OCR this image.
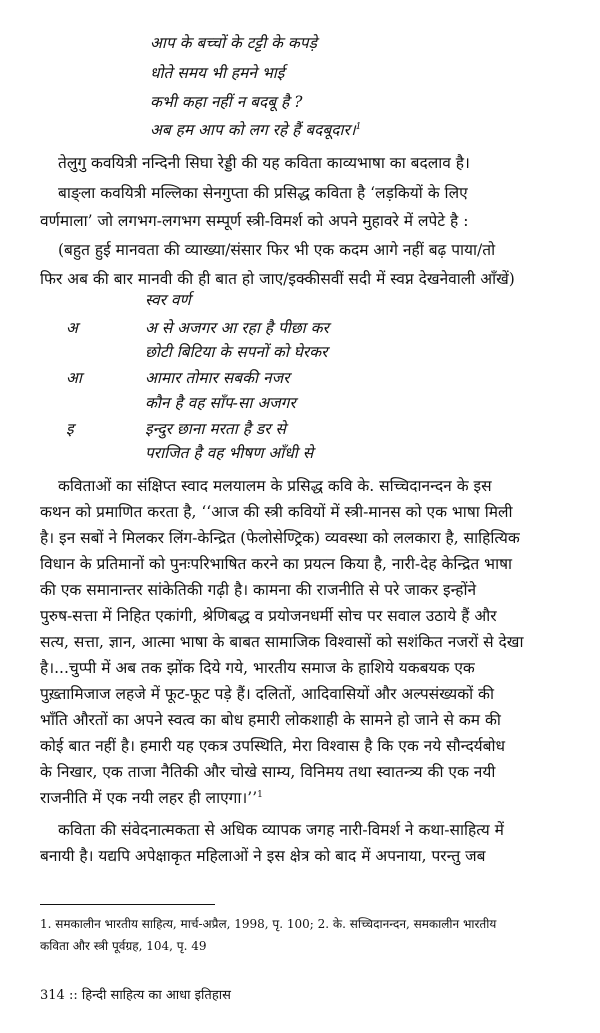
आप के बच्चों के टट्टी के कपड़े
धोते समय भी हमने भाई
कभी कहा नहीं न बदबू है ?
अब हम आप को लग रहे हैं बदबूदार।$^1$
तेलुगु कवयित्री नन्दिनी सिघा रेड्डी की यह कविता काव्यभाषा का बदलाव है।
बाङ्ला कवयित्री मल्लिका सेनगुप्ता की प्रसिद्ध कविता है ‘लड़कियों के लिए
वर्णमाला’ जो लगभग-लगभग सम्पूर्ण स्त्री-विमर्श को अपने मुहावरे में लपेटे है :
(बहुत हुई मानवता की व्याख्या/संसार फिर भी एक कदम आगे नहीं बढ़ पाया/तो
फिर अब की बार मानवी की ही बात हो जाए/इक्कीसवीं सदी में स्वप्न देखनेवाली आँखें)
स्वर वर्ण
अ	अ से अजगर आ रहा है पीछा कर
छोटी बिटिया के सपनों को घेरकर
आ	आमार तोमार सबकी नजर
कौन है वह साँप-सा अजगर
इ	इन्दुर छाना मरता है डर से
पराजित है वह भीषण आँधी से
कविताओं का संक्षिप्त स्वाद मलयालम के प्रसिद्ध कवि के. सच्चिदानन्दन के इस
कथन को प्रमाणित करता है, ‘‘आज की स्त्री कवियों में स्त्री-मानस को एक भाषा मिली
है। इन सबों ने मिलकर लिंग-केन्द्रित (फेलोसेण्ट्रिक) व्यवस्था को ललकारा है, साहित्यिक
विधान के प्रतिमानों को पुनःपरिभाषित करने का प्रयत्न किया है, नारी-देह केन्द्रित भाषा
की एक समानान्तर सांकेतिकी गढ़ी है। कामना की राजनीति से परे जाकर इन्होंने
पुरुष-सत्ता में निहित एकांगी, श्रेणिबद्ध व प्रयोजनधर्मी सोच पर सवाल उठाये हैं और
सत्य, सत्ता, ज्ञान, आत्मा भाषा के बाबत सामाजिक विश्वासों को सशंकित नजरों से देखा
है।...चुप्पी में अब तक झोंक दिये गये, भारतीय समाज के हाशिये यकबयक एक
पुख़्तामिजाज लहजे में फूट-फूट पड़े हैं। दलितों, आदिवासियों और अल्पसंख्यकों की
भाँति औरतों का अपने स्वत्व का बोध हमारी लोकशाही के सामने हो जाने से कम की
कोई बात नहीं है। हमारी यह एकत्र उपस्थिति, मेरा विश्वास है कि एक नये सौन्दर्यबोध
के निखार, एक ताजा नैतिकी और चोखे साम्य, विनिमय तथा स्वातन्त्र्य की एक नयी
राजनीति में एक नयी लहर ही लाएगा।’’$^1$
कविता की संवेदनात्मकता से अधिक व्यापक जगह नारी-विमर्श ने कथा-साहित्य में
बनायी है। यद्यपि अपेक्षाकृत महिलाओं ने इस क्षेत्र को बाद में अपनाया, परन्तु जब
1. समकालीन भारतीय साहित्य, मार्च-अप्रैल, 1998, पृ. 100; 2. के. सच्चिदानन्दन, समकालीन भारतीय
कविता और स्त्री पूर्वग्रह, 104, पृ. 49
314 :: हिन्दी साहित्य का आधा इतिहास
